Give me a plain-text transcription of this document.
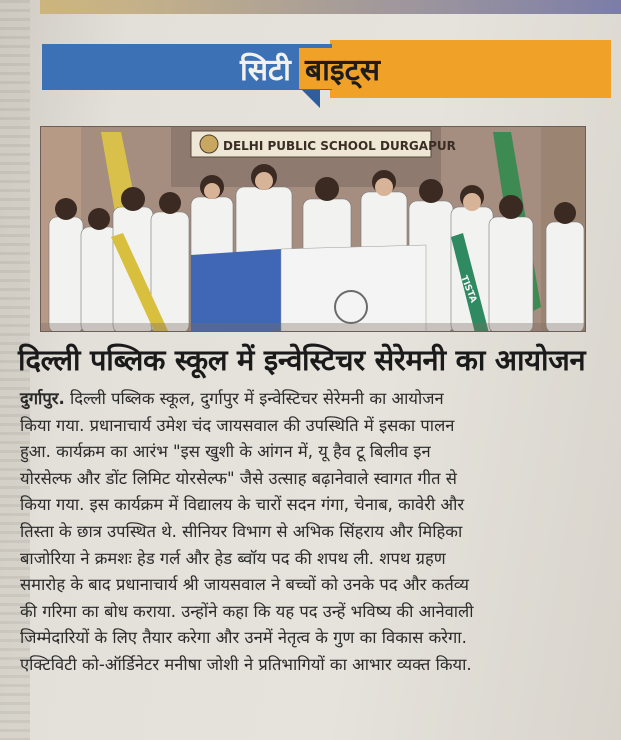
सिटी बाइट्स
DELHI PUBLIC SCHOOL DURGAPUR
TISTA
दिल्ली पब्लिक स्कूल में इन्वेस्टिचर सेरेमनी का आयोजन
दुर्गापुर. दिल्ली पब्लिक स्कूल, दुर्गापुर में इन्वेस्टिचर सेरेमनी का आयोजन
किया गया. प्रधानाचार्य उमेश चंद जायसवाल की उपस्थिति में इसका पालन
हुआ. कार्यक्रम का आरंभ "इस खुशी के आंगन में, यू हैव टू बिलीव इन
योरसेल्फ और डोंट लिमिट योरसेल्फ" जैसे उत्साह बढ़ानेवाले स्वागत गीत से
किया गया. इस कार्यक्रम में विद्यालय के चारों सदन गंगा, चेनाब, कावेरी और
तिस्ता के छात्र उपस्थित थे. सीनियर विभाग से अभिक सिंहराय और मिहिका
बाजोरिया ने क्रमशः हेड गर्ल और हेड ब्वॉय पद की शपथ ली. शपथ ग्रहण
समारोह के बाद प्रधानाचार्य श्री जायसवाल ने बच्चों को उनके पद और कर्तव्य
की गरिमा का बोध कराया. उन्होंने कहा कि यह पद उन्हें भविष्य की आनेवाली
जिम्मेदारियों के लिए तैयार करेगा और उनमें नेतृत्व के गुण का विकास करेगा.
एक्टिविटी को-ऑर्डिनेटर मनीषा जोशी ने प्रतिभागियों का आभार व्यक्त किया.
